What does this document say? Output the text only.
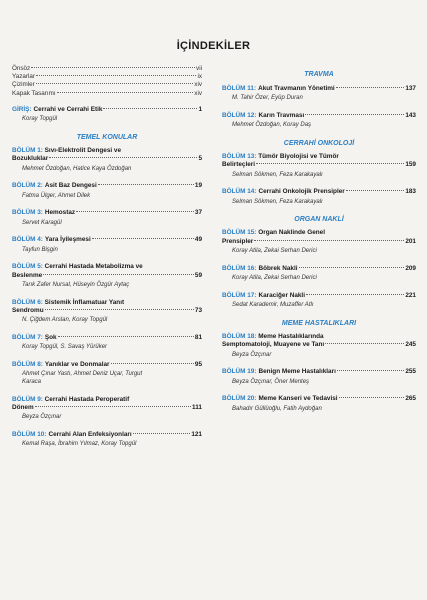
İÇİNDEKİLER
Önsöz	vii
Yazarlar	ix
Çizimler	xiv
Kapak Tasarımı	xiv
GİRİŞ: Cerrahi ve Cerrahi Etik	1
Koray Topgül
TEMEL KONULAR
BÖLÜM 1: Sıvı-Elektrolit Dengesi ve
Bozukluklar	5
Mehmet Özdoğan, Hatice Kaya Özdoğan
BÖLÜM 2: Asit Baz Dengesi	19
Fatma Ülger, Ahmet Dilek
BÖLÜM 3: Hemostaz	37
Servet Karagül
BÖLÜM 4: Yara İyileşmesi	49
Tayfun Bişgin
BÖLÜM 5: Cerrahi Hastada Metabolizma ve
Beslenme	59
Tarık Zafer Nursal, Hüseyin Özgür Aytaç
BÖLÜM 6: Sistemik İnflamatuar Yanıt
Sendromu	73
N. Çiğdem Arslan, Koray Topgül
BÖLÜM 7: Şok	81
Koray Topgül, S. Savaş Yürüker
BÖLÜM 8: Yanıklar ve Donmalar	95
Ahmet Çınar Yastı, Ahmet Deniz Uçar, Turgut
Karaca
BÖLÜM 9: Cerrahi Hastada Peroperatif
Dönem	111
Beyza Özçınar
BÖLÜM 10: Cerrahi Alan Enfeksiyonları	121
Kemal Raşa, İbrahim Yılmaz, Koray Topgül
TRAVMA
BÖLÜM 11: Akut Travmanın Yönetimi	137
M. Tahir Özer, Eyüp Duran
BÖLÜM 12: Karın Travması	143
Mehmet Özdoğan, Koray Daş
CERRAHİ ONKOLOJİ
BÖLÜM 13: Tümör Biyolojisi ve Tümör
Belirteçleri	159
Selman Sökmen, Feza Karakayalı
BÖLÜM 14: Cerrahi Onkolojik Prensipler	183
Selman Sökmen, Feza Karakayalı
ORGAN NAKLİ
BÖLÜM 15: Organ Naklinde Genel
Prensipler	201
Koray Atila, Zekai Serhan Derici
BÖLÜM 16: Böbrek Nakli	209
Koray Atila, Zekai Serhan Derici
BÖLÜM 17: Karaciğer Nakli	221
Sedat Karademir, Muzaffer Atlı
MEME HASTALIKLARI
BÖLÜM 18: Meme Hastalıklarında
Semptomatoloji, Muayene ve Tanı	245
Beyza Özçınar
BÖLÜM 19: Benign Meme Hastalıkları	255
Beyza Özçınar, Öner Menteş
BÖLÜM 20: Meme Kanseri ve Tedavisi	265
Bahadır Güllüoğlu, Fatih Aydoğan
